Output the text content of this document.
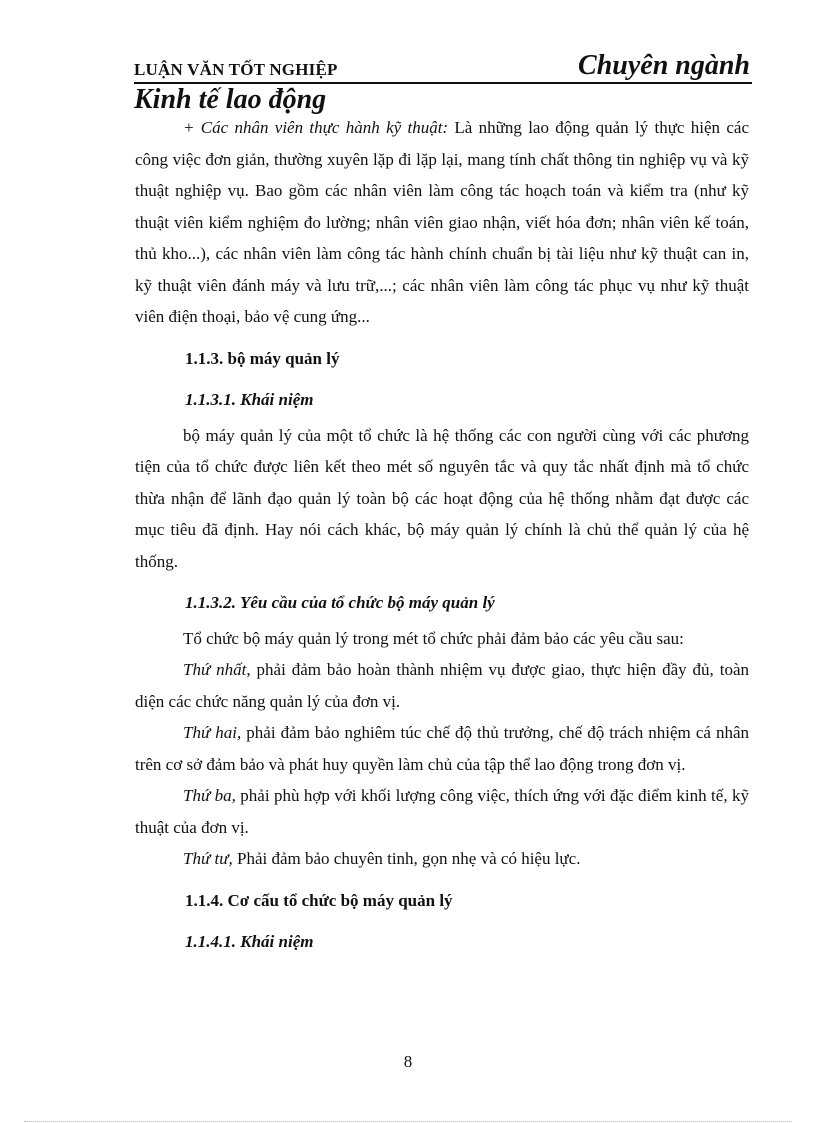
LUẬN VĂN TỐT NGHIỆP	Chuyên ngành
Kinh tế lao động

+ Các nhân viên thực hành kỹ thuật: Là những lao động quản lý thực hiện các công việc đơn giản, thường xuyên lặp đi lặp lại, mang tính chất thông tin nghiệp vụ và kỹ thuật nghiệp vụ. Bao gồm các nhân viên làm công tác hoạch toán và kiểm tra (như kỹ thuật viên kiểm nghiệm đo lường; nhân viên giao nhận, viết hóa đơn; nhân viên kế toán, thủ kho...), các nhân viên làm công tác hành chính chuẩn bị tài liệu như kỹ thuật can in, kỹ thuật viên đánh máy và lưu trữ,...; các nhân viên làm công tác phục vụ như kỹ thuật viên điện thoại, bảo vệ cung ứng...

1.1.3. bộ máy quản lý

1.1.3.1. Khái niệm

bộ máy quản lý của một tổ chức là hệ thống các con người cùng với các phương tiện của tổ chức được liên kết theo mét số nguyên tắc và quy tắc nhất định mà tổ chức thừa nhận để lãnh đạo quản lý toàn bộ các hoạt động của hệ thống nhằm đạt được các mục tiêu đã định. Hay nói cách khác, bộ máy quản lý chính là chủ thể quản lý của hệ thống.

1.1.3.2. Yêu cầu của tổ chức bộ máy quản lý

Tổ chức bộ máy quản lý trong mét tổ chức phải đảm bảo các yêu cầu sau:

Thứ nhất, phải đảm bảo hoàn thành nhiệm vụ được giao, thực hiện đầy đủ, toàn diện các chức năng quản lý của đơn vị.

Thứ hai, phải đảm bảo nghiêm túc chế độ thủ trưởng, chế độ trách nhiệm cá nhân trên cơ sở đảm bảo và phát huy quyền làm chủ của tập thể lao động trong đơn vị.

Thứ ba, phải phù hợp với khối lượng công việc, thích ứng với đặc điểm kinh tế, kỹ thuật của đơn vị.

Thứ tư, Phải đảm bảo chuyên tinh, gọn nhẹ và có hiệu lực.

1.1.4. Cơ cấu tổ chức bộ máy quản lý

1.1.4.1. Khái niệm

8
